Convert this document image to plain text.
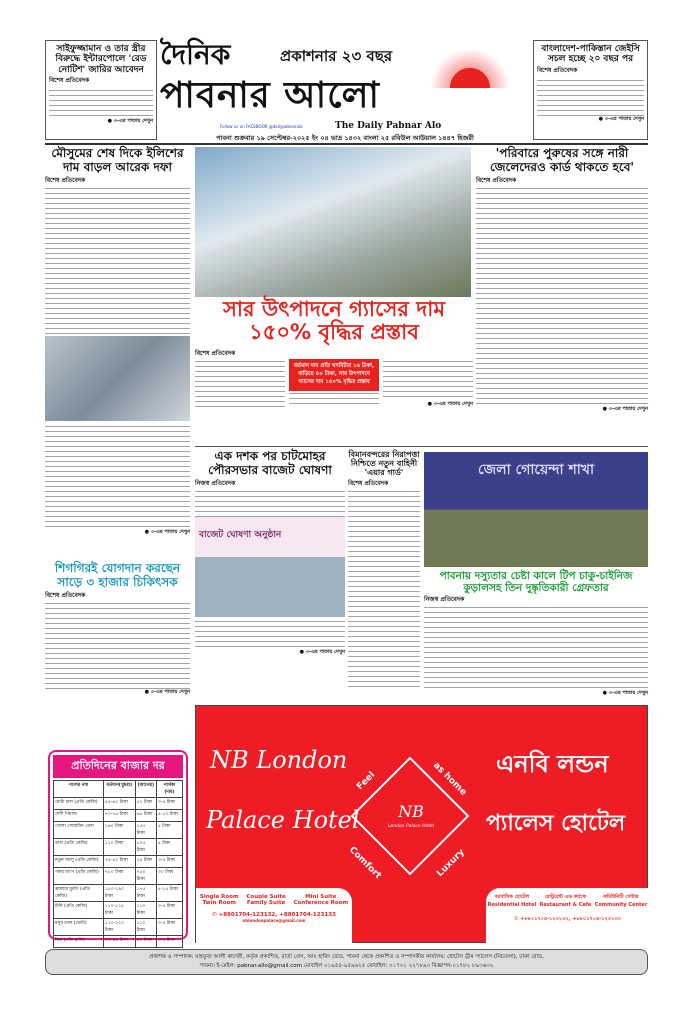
সাইফুজ্জামান ও তার স্ত্রীর বিরুদ্ধে ইন্টারপোলে 'রেড নোটিশ' জারির আবেদন
বিশেষ প্রতিবেদক
● ৩-এর পাতায় দেখুন
দৈনিক	প্রকাশনার ২৩ বছর
পাবনার আলো
Follow us on FACEBOOK @dailypabnaralo	The Daily Pabnar Alo
পাবনা শুক্রবার ১৯ সেপ্টেম্বর-২০২৫ ইং ০৪ ভাদ্র ১৪৩২ বাংলা ২৫ রবিউল আউয়াল ১৪৪৭ হিজরী
বাংলাদেশ-পাকিস্তান জেইসি সচল হচ্ছে ২০ বছর পর
বিশেষ প্রতিবেদক
● ৩-এর পাতায় দেখুন
মৌসুমের শেষ দিকে ইলিশের দাম বাড়ল আরেক দফা
বিশেষ প্রতিবেদক
● ৩-এর পাতায় দেখুন
শিগগিরই যোগদান করছেন সাড়ে ৩ হাজার চিকিৎসক
বিশেষ প্রতিবেদক
● ৩-এর পাতায় দেখুন
প্রতিদিনের বাজার দর
পণ্যের নাম	বর্তমান(খুচরা)	(আগের)	পার্থক্য (দাম)
মোটা চাল (প্রতি কেজি)	৫৫-৬০ টাকা	৫২ টাকা	৩-৫ টাকা
দেশী পিঁয়াজ	৭০-৭৫ টাকা	৬৫ টাকা	৫-১০ টাকা
খোলা সোয়াবিন তেল	১৬০ টাকা	১৫৫ টাকা	৫ টাকা
ডাল (প্রতি কেজি)	১১০ টাকা	১০৫ টাকা	৫ টাকা
নতুন আলু (প্রতি কেজি)	৩৫-৪০ টাকা	৩৫ টাকা	৩-৫ টাকা
গরুর মাংস (প্রতি কেজি)	৭৮০ টাকা	৭৫০ টাকা	৩০ টাকা
ব্রয়লার মুরগি (প্রতি কেজি)	১৮০-১৯০ টাকা	১৭৫ টাকা	৫-১৫ টাকা
চিনি (প্রতি কেজি)	১১০-১১৫ টাকা	১১০ টাকা	৩-৫ টাকা
মসুর ডাল (মোটা)	১১০-১২০ টাকা	১১০ টাকা	৩-৫ টাকা
ডিম (প্রতি হালি)	৪০-৪৫ টাকা	৪০ টাকা	৩-৫ টাকা
'পরিবারে পুরুষের সঙ্গে নারী জেলেদেরও কার্ড থাকতে হবে'
বিশেষ প্রতিবেদক
● ৩-এর পাতায় দেখুন
সার উৎপাদনে গ্যাসের দাম ১৫০% বৃদ্ধির প্রস্তাব
বিশেষ প্রতিবেদক
বর্তমান দাম প্রতি ঘনমিটার ১৬ টাকা, বাড়িয়ে ৪০ টাকা, সার উৎপাদনে গ্যাসের দাম ১৫০% বৃদ্ধির প্রস্তাব
● ৩-এর পাতায় দেখুন
এক দশক পর চাটমোহর পৌরসভার বাজেট ঘোষণা
নিজস্ব প্রতিবেদক
বাজেট ঘোষণা অনুষ্ঠান
● ৩-এর পাতায় দেখুন
বিমানবন্দরের নিরাপত্তা নিশ্চিতে নতুন বাহিনী 'এয়ার গার্ড'
বিশেষ প্রতিবেদক
জেলা গোয়েন্দা শাখা
পাবনায় দস্যুতার চেষ্টা কালে টিপ চাকু-চাইনিজ
কুড়ালসহ তিন দুষ্কৃতিকারী গ্রেফতার
নিজস্ব প্রতিবেদক
● ৩-এর পাতায় দেখুন
NB London
Palace Hotel	NB
London Palace Hotel
Feel	as home
Comfort	Luxury
এনবি লন্ডন
প্যালেস হোটেল
Single Room
Twin Room
Couple Suite
Family Suite
Mini Suite
Conference Room
✆ +8801704-123132, +8801704-123133
nblondonpalace@gmail.com
আবাসিক হোটেল
Residential Hotel
রেস্টুরেন্ট এন্ড ক্যাফে
Restaurant & Cafe
কমিউনিটি সেন্টার
Community Center
✆ +৮৮০১৭০৪-১২৩১৩২, +৮৮০১৭০৪-১২৩১৩৩
প্রকাশক ও সম্পাদক: মাহফুজ আলী কাদেরী, কর্তৃক প্রকাশিত, বার্তা প্রেস, আঃ হামিদ রোড, পাবনা থেকে প্রকাশিত ও সম্পাদকীয় কার্যালয়: হোটেল ড্রীম প্যালেস (নিচতলা), ঢাকা রোড,
পাবনা। ই-মেইল: pabnar.allo@gmail.com মোবাইল ০১৯৫৫-৯৫৯৬২৫ মোবাইল: ০১৭০১ ২২৭৮৯০ বিজ্ঞাপন-০১৭৮২ ৮৯৩৬৩২
